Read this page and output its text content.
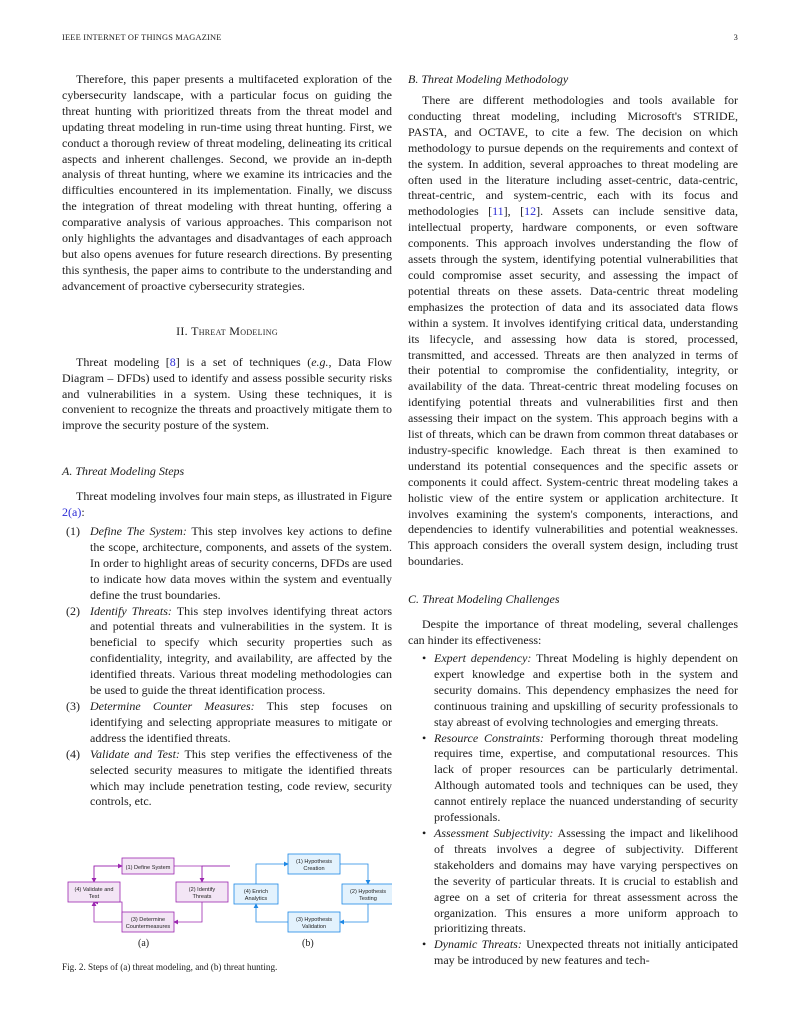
IEEE INTERNET OF THINGS MAGAZINE	3

Therefore, this paper presents a multifaceted exploration of the cybersecurity landscape, with a particular focus on guiding the threat hunting with prioritized threats from the threat model and updating threat modeling in run-time using threat hunting. First, we conduct a thorough review of threat modeling, delineating its critical aspects and inherent challenges. Second, we provide an in-depth analysis of threat hunting, where we examine its intricacies and the difficulties encountered in its implementation. Finally, we discuss the integration of threat modeling with threat hunting, offering a comparative analysis of various approaches. This comparison not only highlights the advantages and disadvantages of each approach but also opens avenues for future research directions. By presenting this synthesis, the paper aims to contribute to the understanding and advancement of proactive cybersecurity strategies.

II. Threat Modeling

Threat modeling [8] is a set of techniques (e.g., Data Flow Diagram – DFDs) used to identify and assess possible security risks and vulnerabilities in a system. Using these techniques, it is convenient to recognize the threats and proactively mitigate them to improve the security posture of the system.

A. Threat Modeling Steps

Threat modeling involves four main steps, as illustrated in Figure 2(a):

(1) Define The System: This step involves key actions to define the scope, architecture, components, and assets of the system. In order to highlight areas of security concerns, DFDs are used to indicate how data moves within the system and eventually define the trust boundaries.
(2) Identify Threats: This step involves identifying threat actors and potential threats and vulnerabilities in the system. It is beneficial to specify which security properties such as confidentiality, integrity, and availability, are affected by the identified threats. Various threat modeling methodologies can be used to guide the threat identification process.
(3) Determine Counter Measures: This step focuses on identifying and selecting appropriate measures to mitigate or address the identified threats.
(4) Validate and Test: This step verifies the effectiveness of the selected security measures to mitigate the identified threats which may include penetration testing, code review, security controls, etc.
(1) Define System
(2) Identify
Threats
(3) Determine
Countermeasures
(4) Validate and
Test
(1) Hypothesis
Creation
(2) Hypothesis
Testing
(3) Hypothesis
Validation
(4) Enrich
Analytics
(a)	(b)
Fig. 2. Steps of (a) threat modeling, and (b) threat hunting.
B. Threat Modeling Methodology

There are different methodologies and tools available for conducting threat modeling, including Microsoft's STRIDE, PASTA, and OCTAVE, to cite a few. The decision on which methodology to pursue depends on the requirements and context of the system. In addition, several approaches to threat modeling are often used in the literature including asset-centric, data-centric, threat-centric, and system-centric, each with its focus and methodologies [11], [12]. Assets can include sensitive data, intellectual property, hardware components, or even software components. This approach involves understanding the flow of assets through the system, identifying potential vulnerabilities that could compromise asset security, and assessing the impact of potential threats on these assets. Data-centric threat modeling emphasizes the protection of data and its associated data flows within a system. It involves identifying critical data, understanding its lifecycle, and assessing how data is stored, processed, transmitted, and accessed. Threats are then analyzed in terms of their potential to compromise the confidentiality, integrity, or availability of the data. Threat-centric threat modeling focuses on identifying potential threats and vulnerabilities first and then assessing their impact on the system. This approach begins with a list of threats, which can be drawn from common threat databases or industry-specific knowledge. Each threat is then examined to understand its potential consequences and the specific assets or components it could affect. System-centric threat modeling takes a holistic view of the entire system or application architecture. It involves examining the system's components, interactions, and dependencies to identify vulnerabilities and potential weaknesses. This approach considers the overall system design, including trust boundaries.

C. Threat Modeling Challenges

Despite the importance of threat modeling, several challenges can hinder its effectiveness:

• Expert dependency: Threat Modeling is highly dependent on expert knowledge and expertise both in the system and security domains. This dependency emphasizes the need for continuous training and upskilling of security professionals to stay abreast of evolving technologies and emerging threats.
• Resource Constraints: Performing thorough threat modeling requires time, expertise, and computational resources. This lack of proper resources can be particularly detrimental. Although automated tools and techniques can be used, they cannot entirely replace the nuanced understanding of security professionals.
• Assessment Subjectivity: Assessing the impact and likelihood of threats involves a degree of subjectivity. Different stakeholders and domains may have varying perspectives on the severity of particular threats. It is crucial to establish and agree on a set of criteria for threat assessment across the organization. This ensures a more uniform approach to prioritizing threats.
• Dynamic Threats: Unexpected threats not initially anticipated may be introduced by new features and tech-
